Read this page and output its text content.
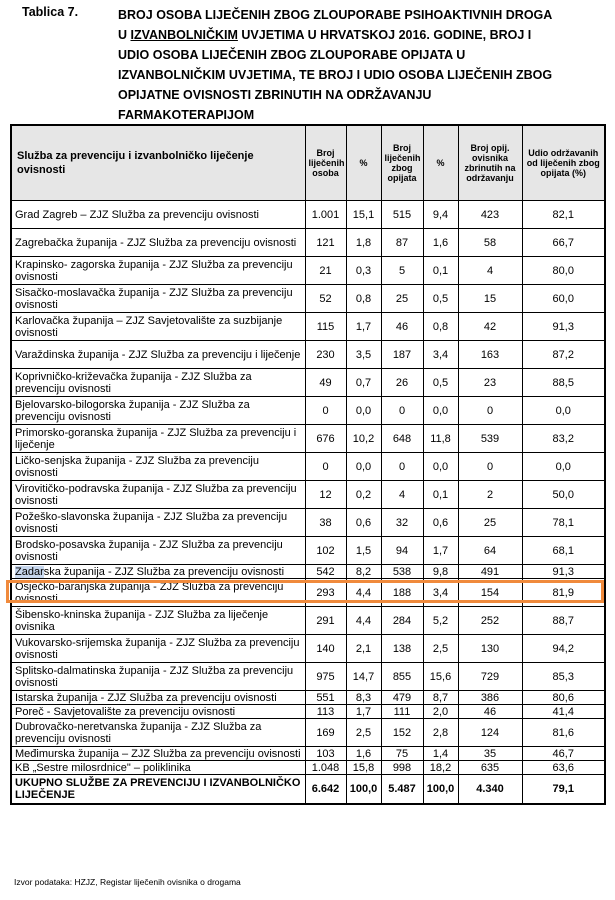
Tablica 7.	BROJ OSOBA LIJEČENIH ZBOG ZLOUPORABE PSIHOAKTIVNIH DROGA
U IZVANBOLNIČKIM UVJETIMA U HRVATSKOJ 2016. GODINE, BROJ I
UDIO OSOBA LIJEČENIH ZBOG ZLOUPORABE OPIJATA U
IZVANBOLNIČKIM UVJETIMA, TE BROJ I UDIO OSOBA LIJEČENIH ZBOG
OPIJATNE OVISNOSTI ZBRINUTIH NA ODRŽAVANJU
FARMAKOTERAPIJOM
Služba za prevenciju i izvanbolničko liječenje ovisnosti	Broj liječenih osoba	%	Broj liječenih zbog opijata	%	Broj opij. ovisnika zbrinutih na održavanju	Udio održavanih od liječenih zbog opijata (%)
Grad Zagreb – ZJZ Služba za prevenciju ovisnosti	1.001	15,1	515	9,4	423	82,1
Zagrebačka županija - ZJZ Služba za prevenciju ovisnosti	121	1,8	87	1,6	58	66,7
Krapinsko- zagorska županija - ZJZ Služba za prevenciju ovisnosti	21	0,3	5	0,1	4	80,0
Sisačko-moslavačka županija - ZJZ Služba za prevenciju ovisnosti	52	0,8	25	0,5	15	60,0
Karlovačka županija – ZJZ Savjetovalište za suzbijanje ovisnosti	115	1,7	46	0,8	42	91,3
Varaždinska županija - ZJZ Služba za prevenciju i liječenje	230	3,5	187	3,4	163	87,2
Koprivničko-križevačka županija - ZJZ Služba za prevenciju ovisnosti	49	0,7	26	0,5	23	88,5
Bjelovarsko-bilogorska županija - ZJZ Služba za prevenciju ovisnosti	0	0,0	0	0,0	0	0,0
Primorsko-goranska županija - ZJZ Služba za prevenciju i liječenje	676	10,2	648	11,8	539	83,2
Ličko-senjska županija - ZJZ Služba za prevenciju ovisnosti	0	0,0	0	0,0	0	0,0
Virovitičko-podravska županija - ZJZ Služba za prevenciju ovisnosti	12	0,2	4	0,1	2	50,0
Požeško-slavonska županija - ZJZ Služba za prevenciju ovisnosti	38	0,6	32	0,6	25	78,1
Brodsko-posavska županija - ZJZ Služba za prevenciju ovisnosti	102	1,5	94	1,7	64	68,1
Zadarska županija - ZJZ Služba za prevenciju ovisnosti	542	8,2	538	9,8	491	91,3
Osječko-baranjska županija - ZJZ Služba za prevenciju ovisnosti	293	4,4	188	3,4	154	81,9
Šibensko-kninska županija - ZJZ Služba za liječenje ovisnika	291	4,4	284	5,2	252	88,7
Vukovarsko-srijemska županija - ZJZ Služba za prevenciju ovisnosti	140	2,1	138	2,5	130	94,2
Splitsko-dalmatinska županija - ZJZ Služba za prevenciju ovisnosti	975	14,7	855	15,6	729	85,3
Istarska županija - ZJZ Služba za prevenciju ovisnosti	551	8,3	479	8,7	386	80,6
Poreč - Savjetovalište za prevenciju ovisnosti	113	1,7	111	2,0	46	41,4
Dubrovačko-neretvanska županija - ZJZ Služba za prevenciju ovisnosti	169	2,5	152	2,8	124	81,6
Međimurska županija – ZJZ Služba za prevenciju ovisnosti	103	1,6	75	1,4	35	46,7
KB „Sestre milosrdnice" – poliklinika	1.048	15,8	998	18,2	635	63,6
UKUPNO SLUŽBE ZA PREVENCIJU I IZVANBOLNIČKO LIJEČENJE	6.642	100,0	5.487	100,0	4.340	79,1
Izvor podataka: HZJZ, Registar liječenih ovisnika o drogama
